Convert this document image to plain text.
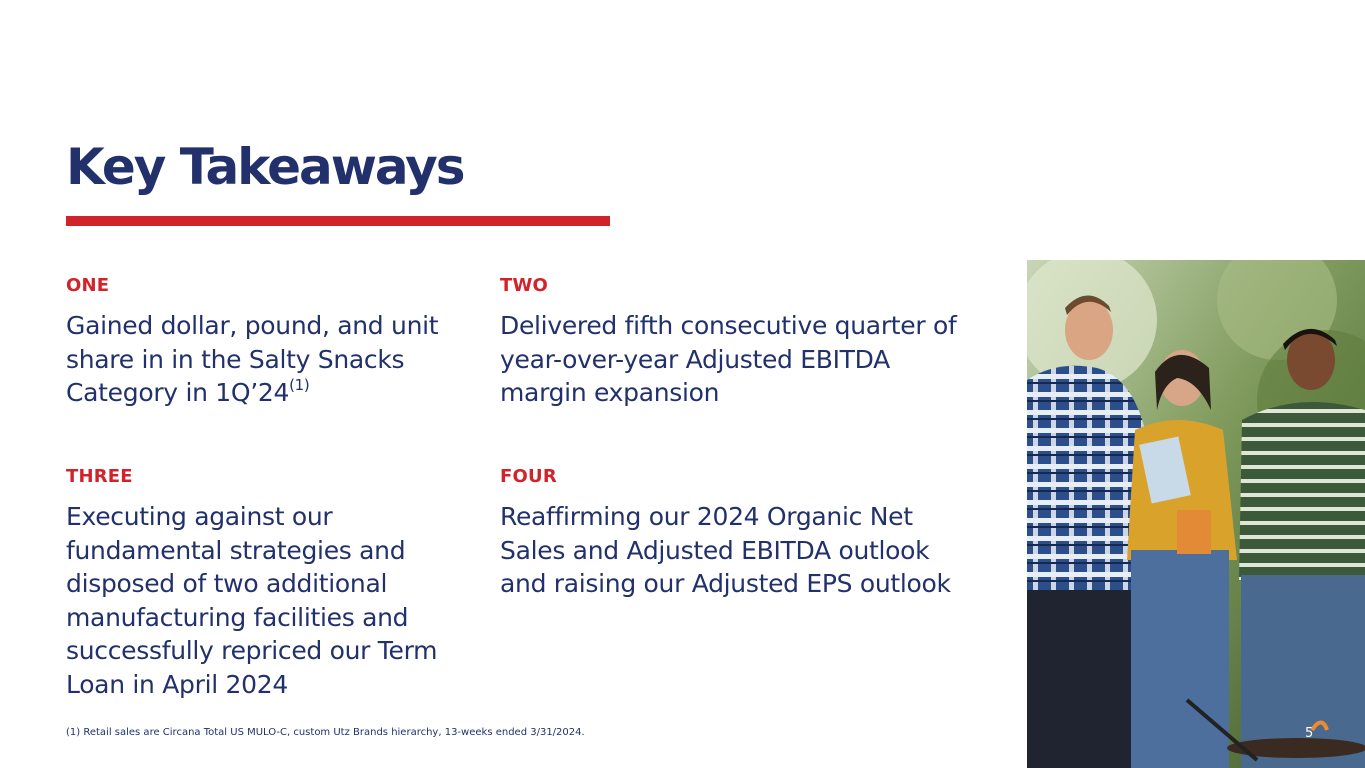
Key Takeaways
ONE
Gained dollar, pound, and unit share in in the Salty Snacks Category in 1Q’24$^{(1)}$
TWO
Delivered fifth consecutive quarter of year-over-year Adjusted EBITDA margin expansion
THREE
Executing against our fundamental strategies and disposed of two additional manufacturing facilities and successfully repriced our Term Loan in April 2024
FOUR
Reaffirming our 2024 Organic Net Sales and Adjusted EBITDA outlook and raising our Adjusted EPS outlook
(1) Retail sales are Circana Total US MULO-C, custom Utz Brands hierarchy, 13-weeks ended 3/31/2024.	5
